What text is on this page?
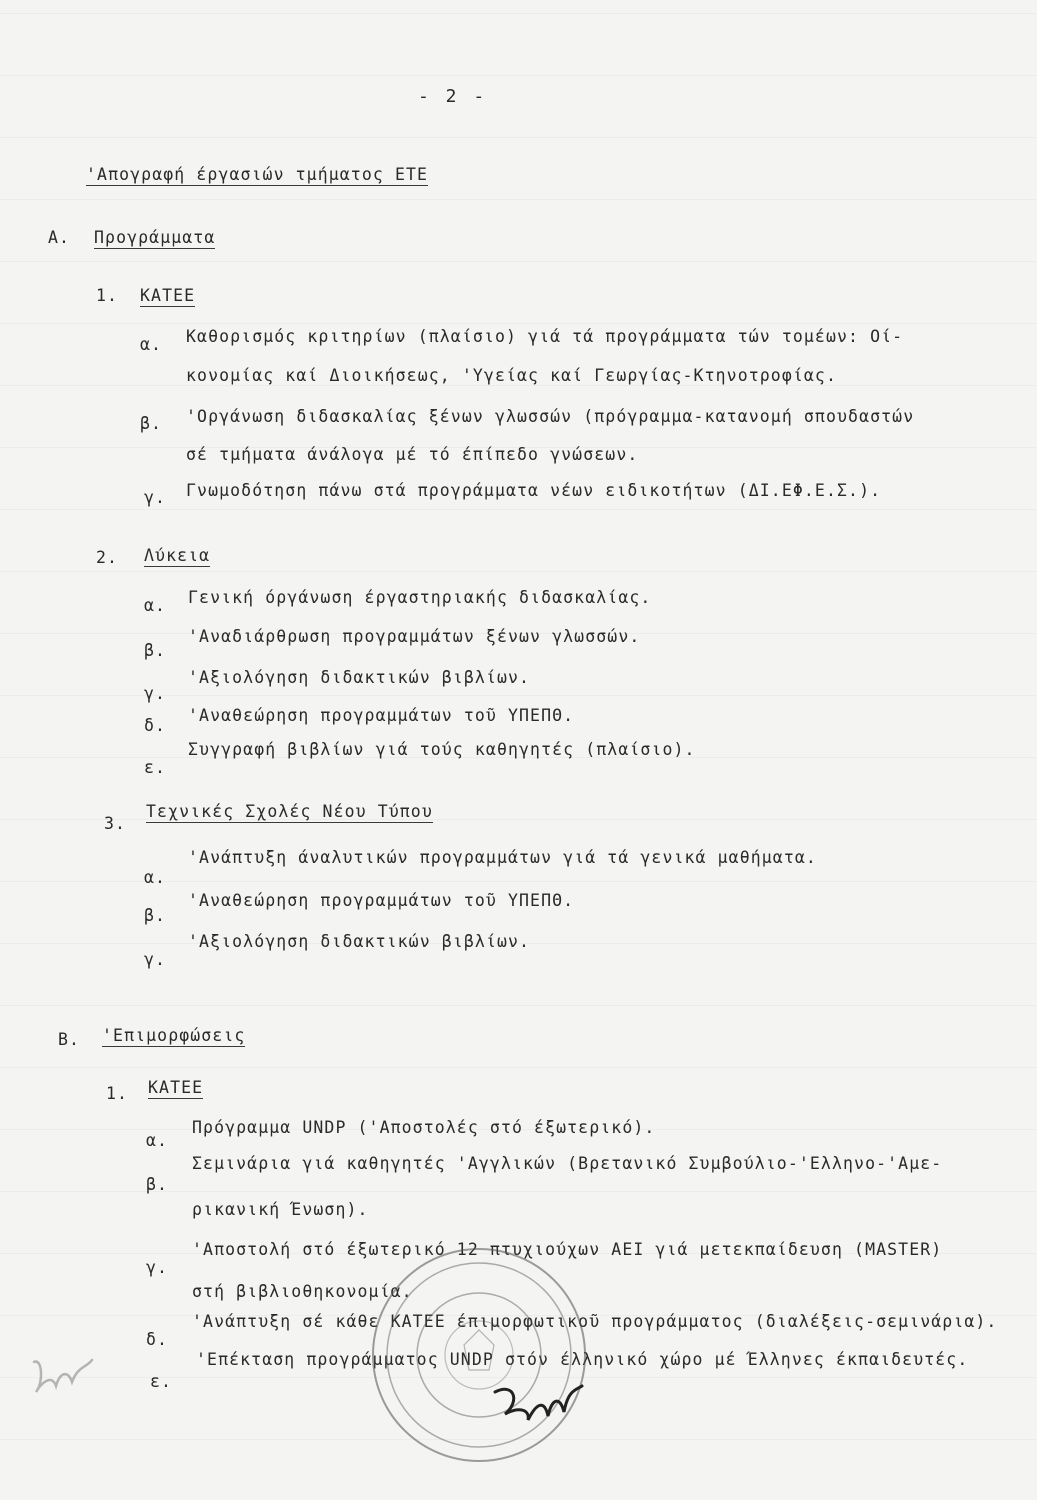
- 2 -
'Απογραφή έργασιών τμήματος ΕΤΕ
Α. Προγράμματα
1. ΚΑΤΕΕ
α. Καθορισμός κριτηρίων (πλαίσιο) γιά τά προγράμματα τών τομέων: Οί-
κονομίας καί Διοικήσεως, 'Υγείας καί Γεωργίας-Κτηνοτροφίας.
β. 'Οργάνωση διδασκαλίας ξένων γλωσσών (πρόγραμμα-κατανομή σπουδαστών
σέ τμήματα άνάλογα μέ τό έπίπεδο γνώσεων.
γ. Γνωμοδότηση πάνω στά προγράμματα νέων ειδικοτήτων (ΔΙ.ΕΦ.Ε.Σ.).
2. Λύκεια
α. Γενική όργάνωση έργαστηριακής διδασκαλίας.
β.
'Αναδιάρθρωση προγραμμάτων ξένων γλωσσών.
γ.
'Αξιολόγηση διδακτικών βιβλίων.
δ.
'Αναθεώρηση προγραμμάτων τοῦ ΥΠΕΠΘ.
ε.
Συγγραφή βιβλίων γιά τούς καθηγητές (πλαίσιο).
3.
Τεχνικές Σχολές Νέου Τύπου
α.
'Ανάπτυξη άναλυτικών προγραμμάτων γιά τά γενικά μαθήματα.
β.
'Αναθεώρηση προγραμμάτων τοῦ ΥΠΕΠΘ.
γ.
'Αξιολόγηση διδακτικών βιβλίων.
Β. 'Επιμορφώσεις
1. ΚΑΤΕΕ
α.
Πρόγραμμα UNDP ('Αποστολές στό έξωτερικό).
β.
Σεμινάρια γιά καθηγητές 'Αγγλικών (Βρετανικό Συμβούλιο-'Ελληνο-'Αμε-
ρικανική Ένωση).
γ.
'Αποστολή στό έξωτερικό 12 πτυχιούχων ΑΕΙ γιά μετεκπαίδευση (MASTER)
στή βιβλιοθηκονομία.
δ.
'Ανάπτυξη σέ κάθε ΚΑΤΕΕ έπιμορφωτικοῦ προγράμματος (διαλέξεις-σεμινάρια).
ε.
'Επέκταση προγράμματος UNDP στόν έλληνικό χώρο μέ Έλληνες έκπαιδευτές.
